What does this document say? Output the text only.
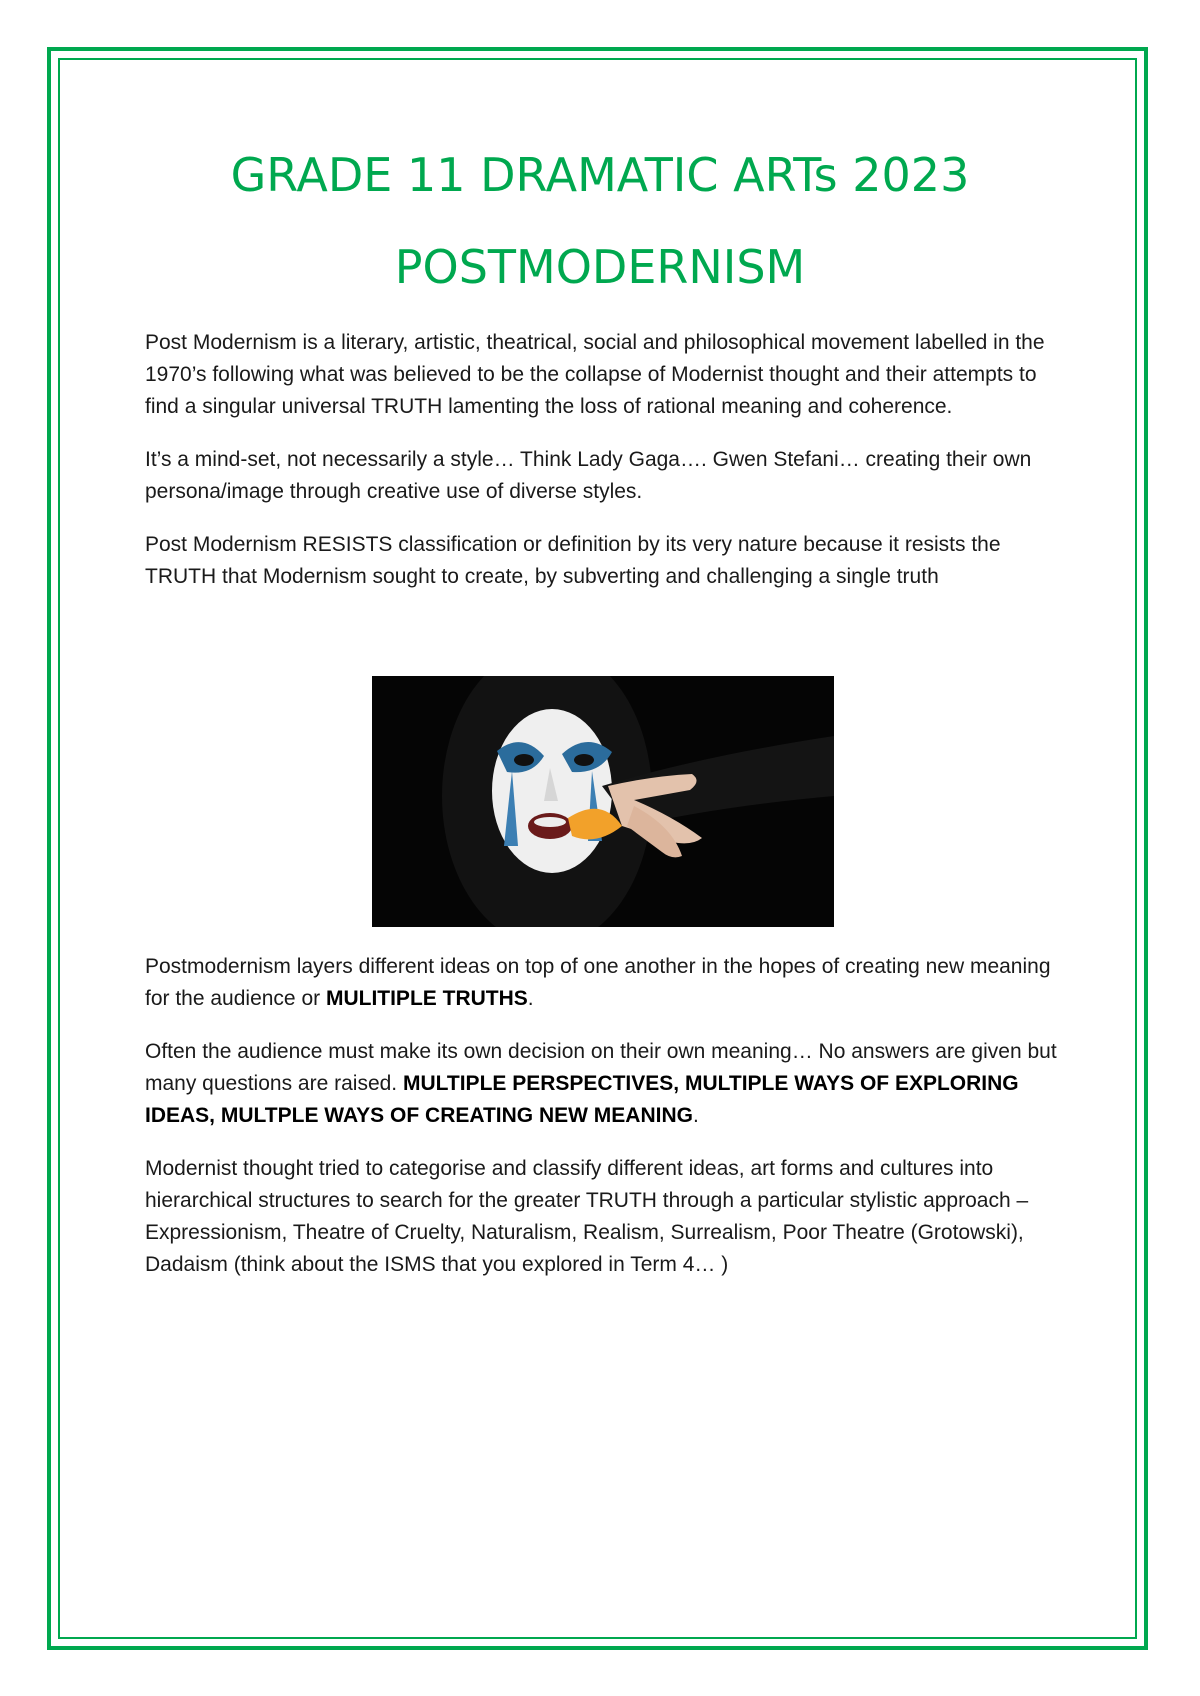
GRADE 11 DRAMATIC ARTs 2023
POSTMODERNISM

Post Modernism is a literary, artistic, theatrical, social and philosophical movement labelled in the 1970’s following what was believed to be the collapse of Modernist thought and their attempts to find a singular universal TRUTH lamenting the loss of rational meaning and coherence.

It’s a mind-set, not necessarily a style… Think Lady Gaga…. Gwen Stefani… creating their own persona/image through creative use of diverse styles.

Post Modernism RESISTS classification or definition by its very nature because it resists the TRUTH that Modernism sought to create, by subverting and challenging a single truth

Postmodernism layers different ideas on top of one another in the hopes of creating new meaning for the audience or MULITIPLE TRUTHS.

Often the audience must make its own decision on their own meaning… No answers are given but many questions are raised. MULTIPLE PERSPECTIVES, MULTIPLE WAYS OF EXPLORING IDEAS, MULTPLE WAYS OF CREATING NEW MEANING.

Modernist thought tried to categorise and classify different ideas, art forms and cultures into hierarchical structures to search for the greater TRUTH through a particular stylistic approach – Expressionism, Theatre of Cruelty, Naturalism, Realism, Surrealism, Poor Theatre (Grotowski), Dadaism (think about the ISMS that you explored in Term 4… )
